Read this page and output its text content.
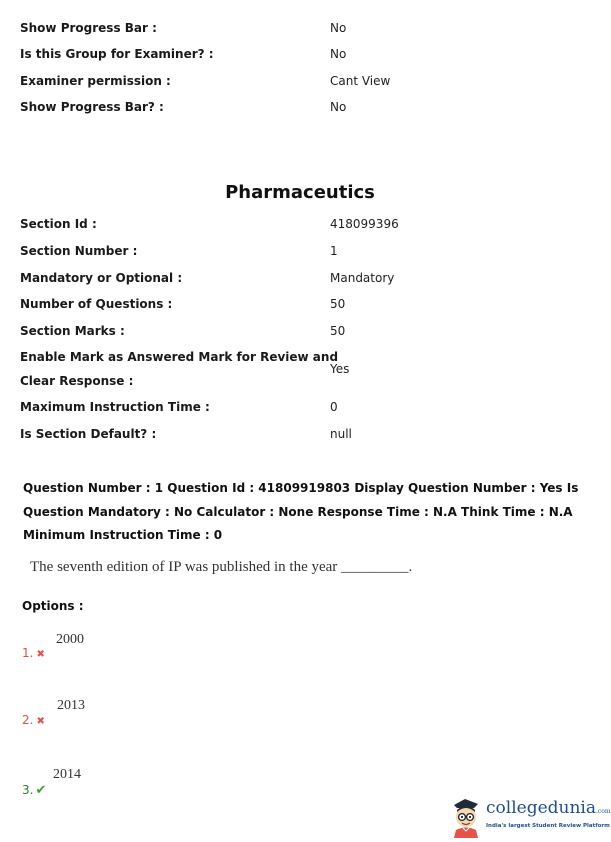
Show Progress Bar :	No
Is this Group for Examiner? :	No
Examiner permission :	Cant View
Show Progress Bar? :	No
Pharmaceutics
Section Id :	418099396
Section Number :	1
Mandatory or Optional :	Mandatory
Number of Questions :	50
Section Marks :	50
Enable Mark as Answered Mark for Review and
Clear Response :
Yes
Maximum Instruction Time :	0
Is Section Default? :	null
Question Number : 1 Question Id : 41809919803 Display Question Number : Yes Is Question Mandatory : No Calculator : None Response Time : N.A Think Time : N.A Minimum Instruction Time : 0
The seventh edition of IP was published in the year _________.
Options :
2000
1. ✖
2013
2. ✖
2014
3. ✔
collegedunia.com
India's largest Student Review Platform
